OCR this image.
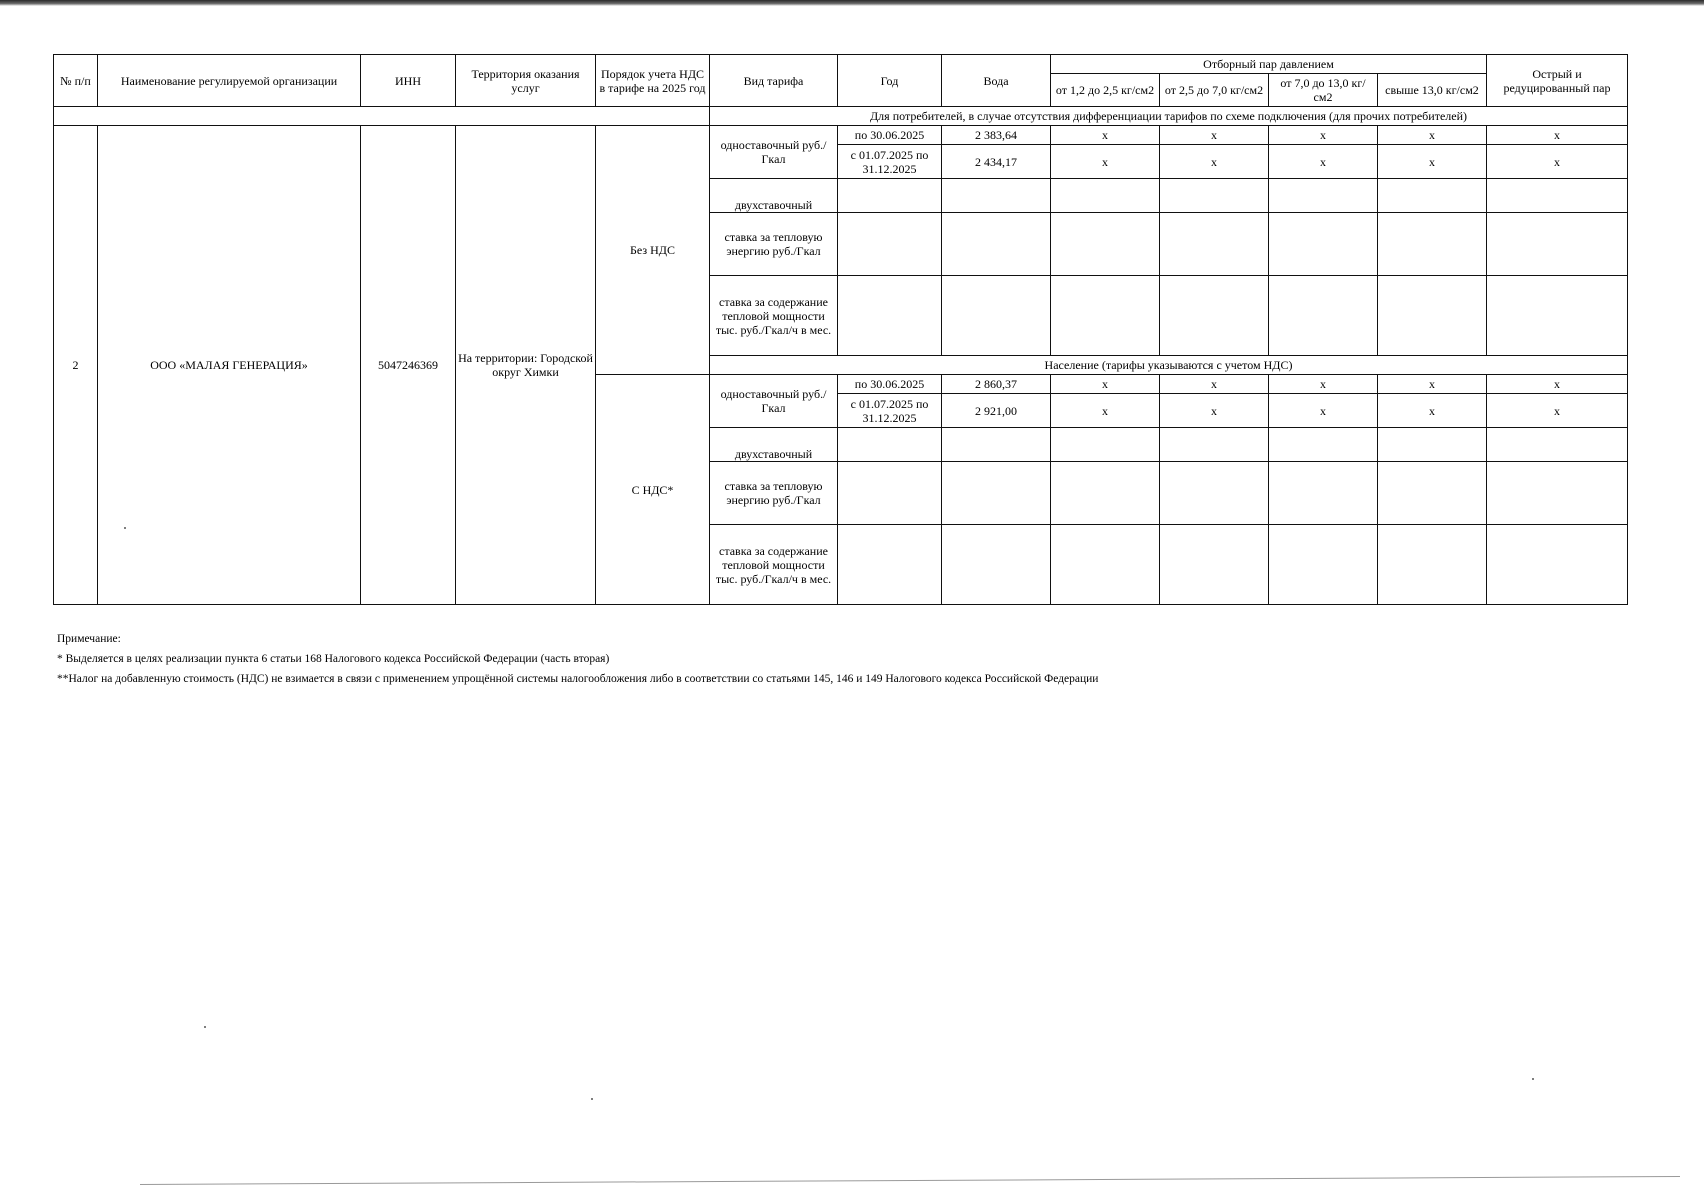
№ п/п	Наименование регулируемой организации	ИНН	Территория оказания услуг	Порядок учета НДС в тарифе на 2025 год	Вид тарифа	Год	Вода	Отборный пар давлением				Острый и редуцированный пар
								от 1,2 до 2,5 кг/см2	от 2,5 до 7,0 кг/см2	от 7,0 до 13,0 кг/см2	свыше 13,0 кг/см2	
					Для потребителей, в случае отсутствия дифференциации тарифов по схеме подключения (для прочих потребителей)							
2	ООО «МАЛАЯ ГЕНЕРАЦИЯ»	5047246369	На территории: Городской округ Химки	Без НДС	одноставочный руб./Гкал	по 30.06.2025	2 383,64	x	x	x	x	x
						с 01.07.2025 по 31.12.2025	2 434,17	x	x	x	x	x
					двухставочный							
					ставка за тепловую энергию руб./Гкал							
					ставка за содержание тепловой мощности тыс. руб./Гкал/ч в мес.							
					Население (тарифы указываются с учетом НДС)							
				С НДС*	одноставочный руб./Гкал	по 30.06.2025	2 860,37	x	x	x	x	x
						с 01.07.2025 по 31.12.2025	2 921,00	x	x	x	x	x
					двухставочный							
					ставка за тепловую энергию руб./Гкал							
					ставка за содержание тепловой мощности тыс. руб./Гкал/ч в мес.							
Примечание:
* Выделяется в целях реализации пункта 6 статьи 168 Налогового кодекса Российской Федерации (часть вторая)
**Налог на добавленную стоимость (НДС) не взимается в связи с применением упрощённой системы налогообложения либо в соответствии со статьями 145, 146 и 149 Налогового кодекса Российской Федерации
